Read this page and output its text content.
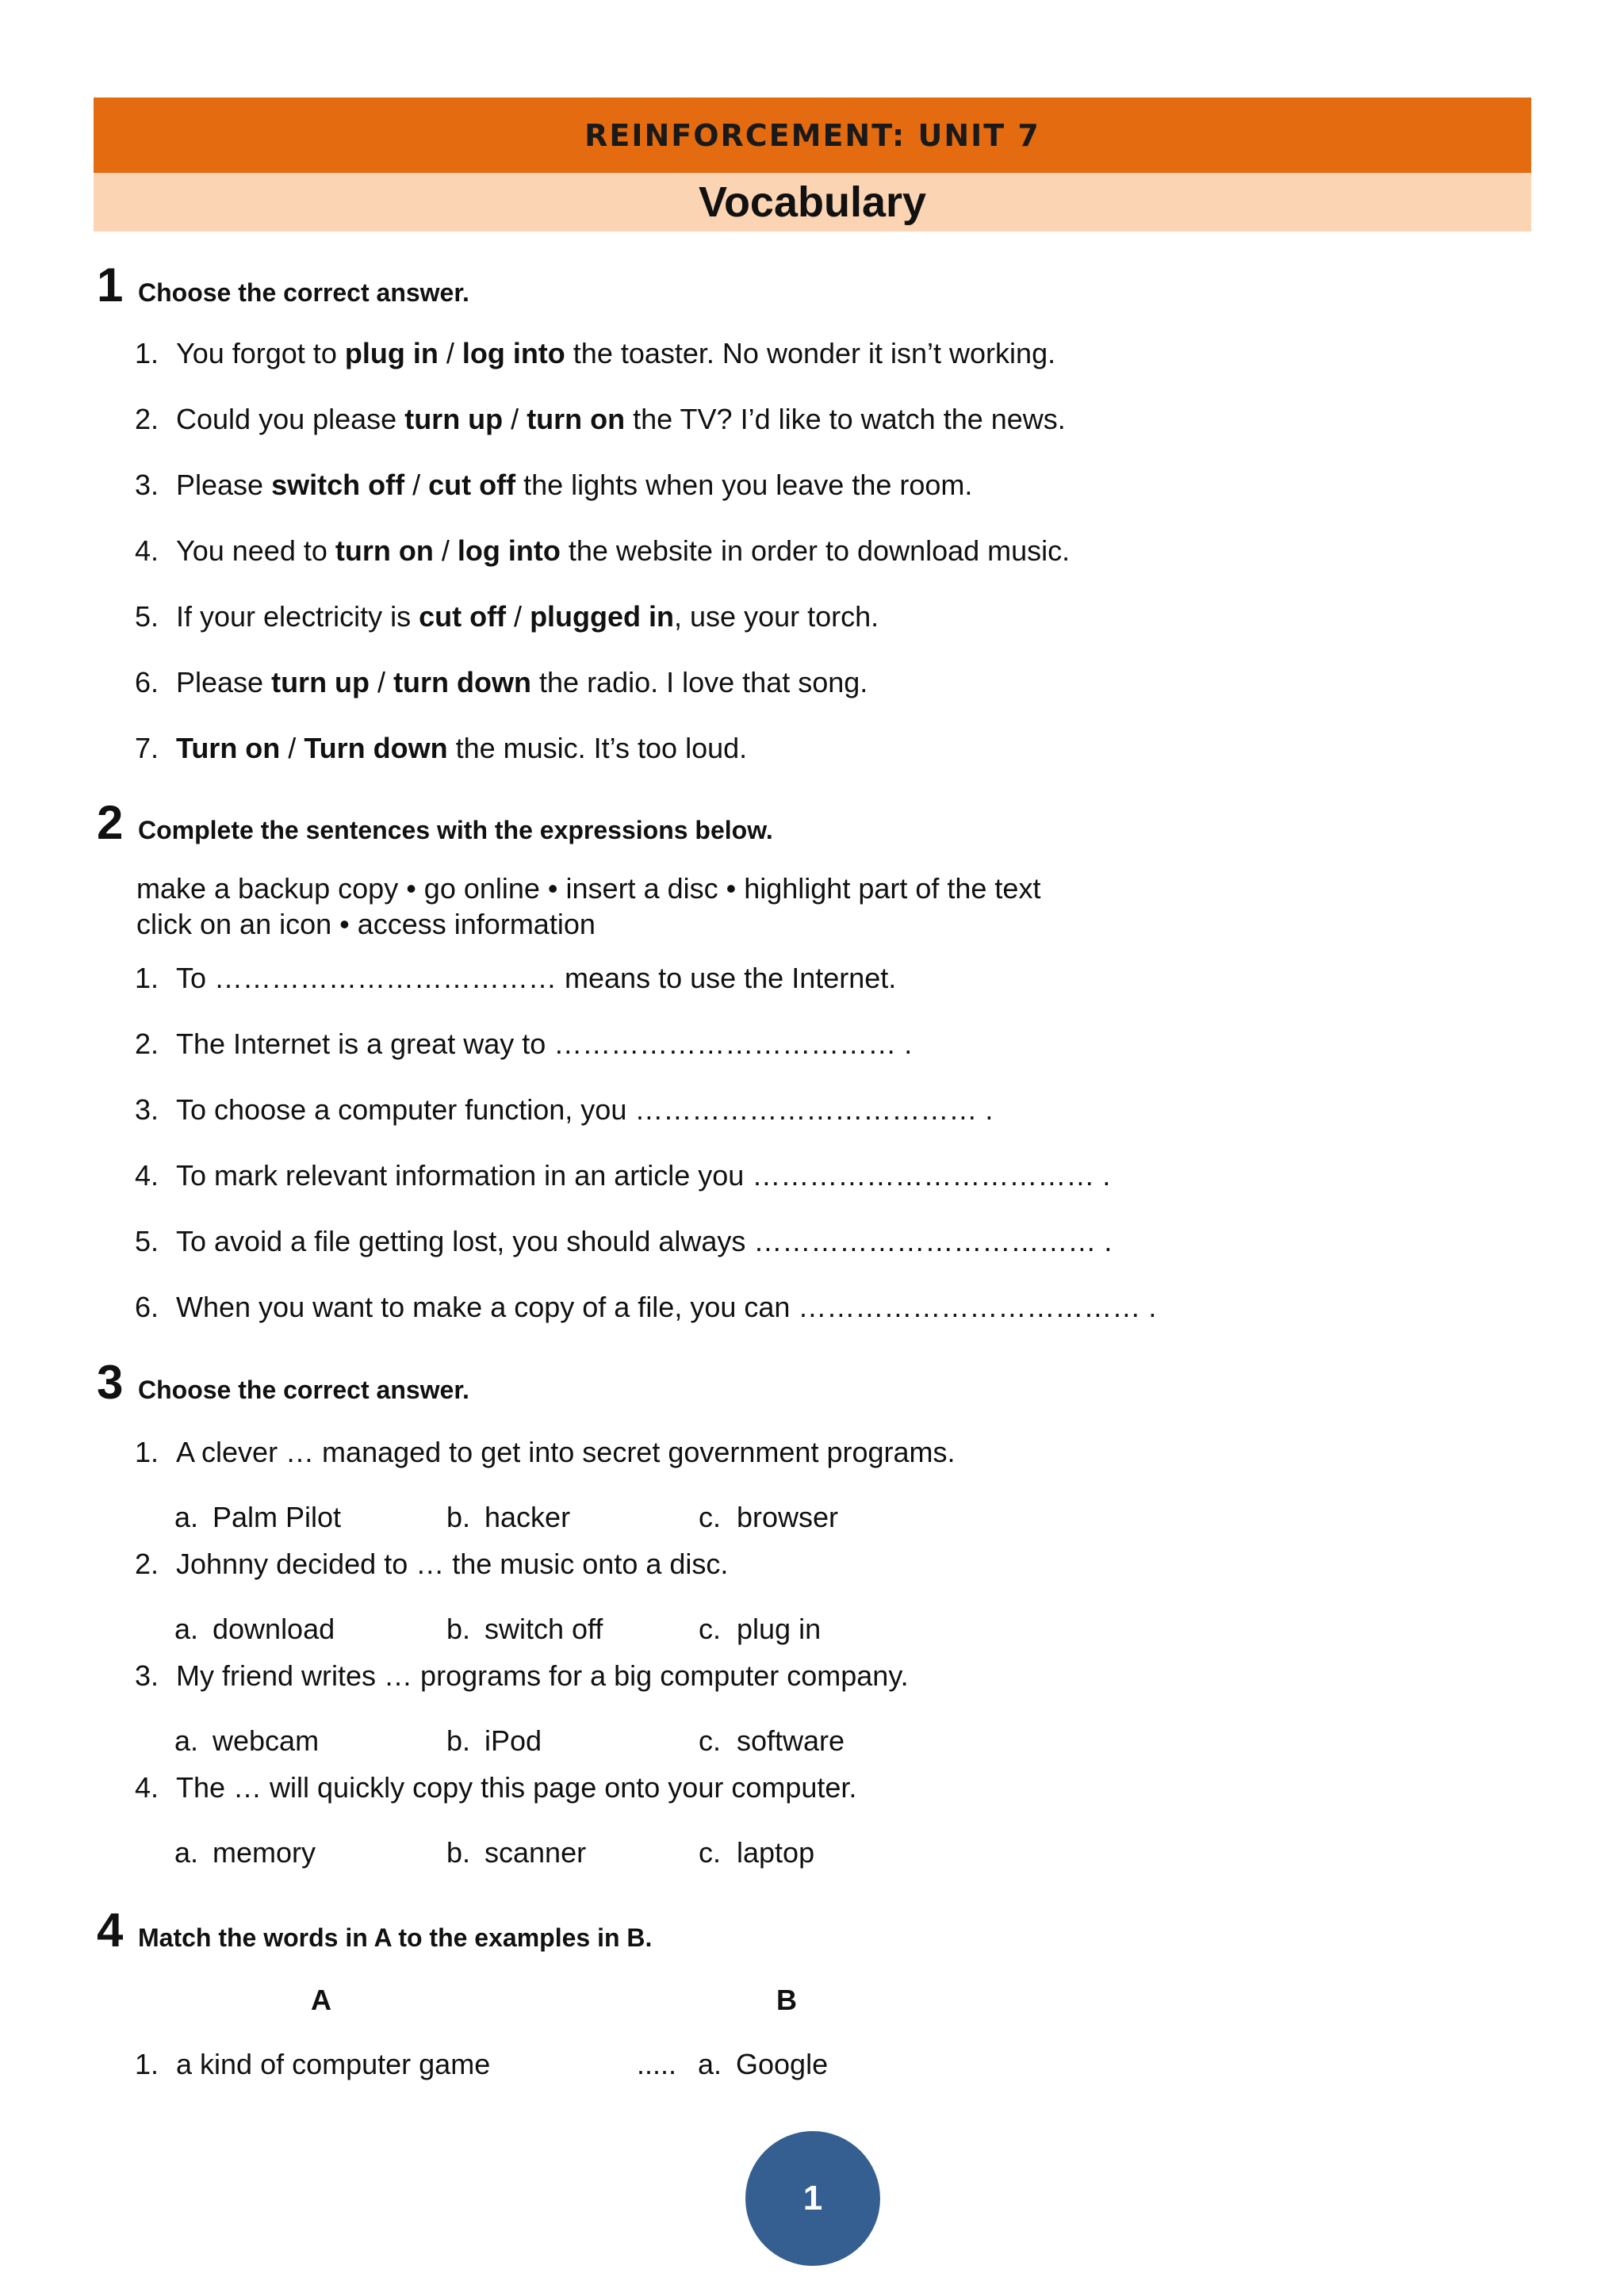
REINFORCEMENT: UNIT 7
Vocabulary
1 Choose the correct answer.
1. You forgot to plug in / log into the toaster. No wonder it isn’t working.
2. Could you please turn up / turn on the TV? I’d like to watch the news.
3. Please switch off / cut off the lights when you leave the room.
4. You need to turn on / log into the website in order to download music.
5. If your electricity is cut off / plugged in, use your torch.
6. Please turn up / turn down the radio. I love that song.
7. Turn on / Turn down the music. It’s too loud.
2 Complete the sentences with the expressions below.
make a backup copy • go online • insert a disc • highlight part of the text
click on an icon • access information
1. To ……………………………… means to use the Internet.
2. The Internet is a great way to ……………………………… .
3. To choose a computer function, you ……………………………… .
4. To mark relevant information in an article you ……………………………… .
5. To avoid a file getting lost, you should always ……………………………… .
6. When you want to make a copy of a file, you can ……………………………… .
3 Choose the correct answer.
1. A clever … managed to get into secret government programs.
a. Palm Pilot	b. hacker	c. browser
2. Johnny decided to … the music onto a disc.
a. download	b. switch off	c. plug in
3. My friend writes … programs for a big computer company.
a. webcam	b. iPod	c. software
4. The … will quickly copy this page onto your computer.
a. memory	b. scanner	c. laptop
4 Match the words in A to the examples in B.
A	B
1. a kind of computer game	..... a. Google
1
